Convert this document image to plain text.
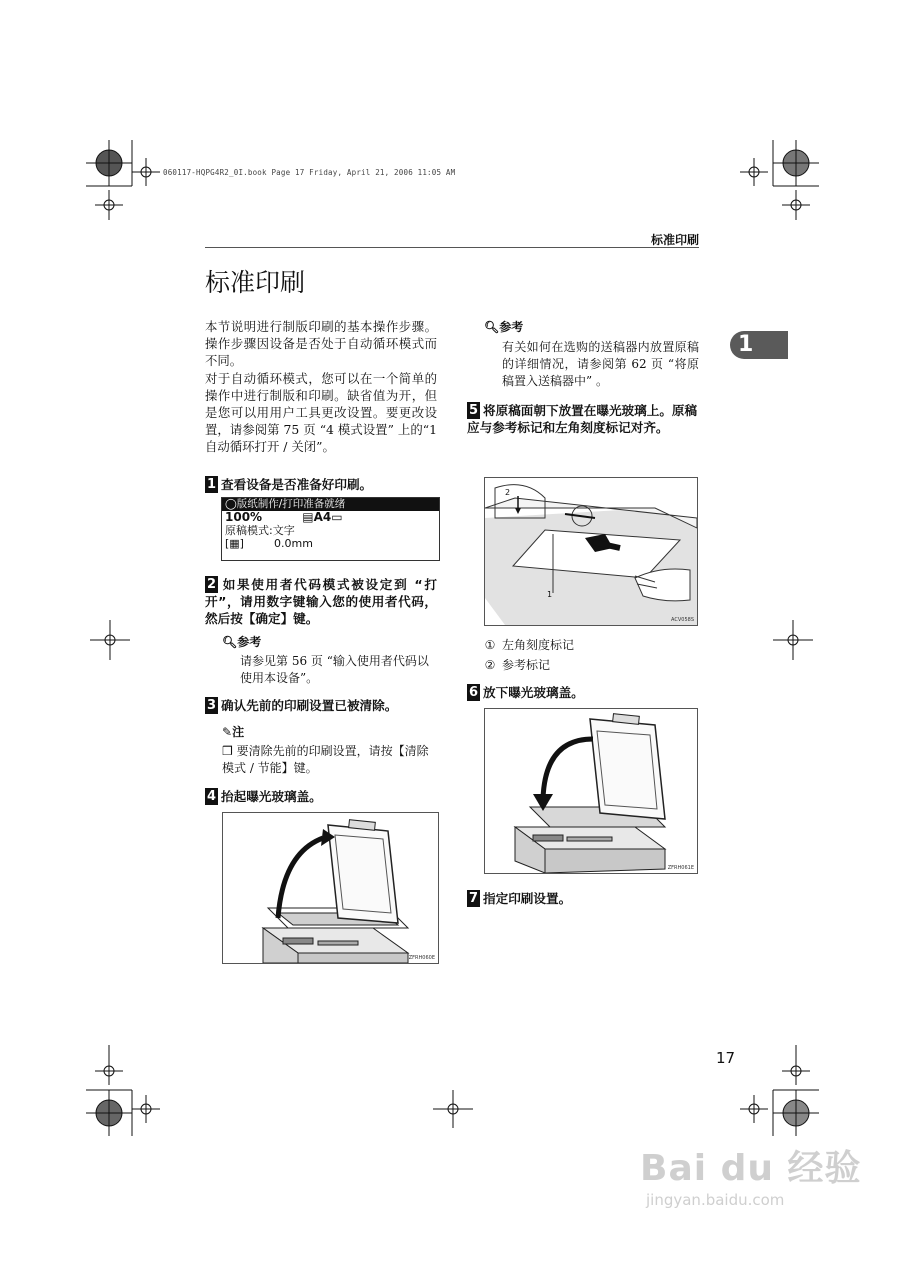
060117-HQPG4R2_0I.book Page 17 Friday, April 21, 2006 11:05 AM
标准印刷
1
标准印刷
本节说明进行制版印刷的基本操作步骤。操作步骤因设备是否处于自动循环模式而不同。
对于自动循环模式，您可以在一个简单的操作中进行制版和印刷。缺省值为开，但是您可以用用户工具更改设置。要更改设置，请参阅第 75 页 “4 模式设置” 上的“1 自动循环打开 / 关闭”。
1 查看设备是否准备好印刷。
◯版纸制作/打印准备就绪
100%	▤A4▭
原稿模式:文字
[▦]	0.0mm
2 如果使用者代码模式被设定到 “打开”，请用数字键输入您的使用者代码，然后按【确定】键。
🔍︎参考
请参见第 56 页 “输入使用者代码以使用本设备”。
3 确认先前的印刷设置已被清除。
✎注
❒ 要清除先前的印刷设置，请按【清除模式 / 节能】键。
4 抬起曝光玻璃盖。
ZFRH060E
🔍︎参考
有关如何在选购的送稿器内放置原稿的详细情况，请参阅第 62 页 “将原稿置入送稿器中” 。
5 将原稿面朝下放置在曝光玻璃上。原稿应与参考标记和左角刻度标记对齐。
2
1
ACV058S
① 左角刻度标记
② 参考标记
6 放下曝光玻璃盖。
ZFRH061E
7 指定印刷设置。
17
Bai du 经验
jingyan.baidu.com
